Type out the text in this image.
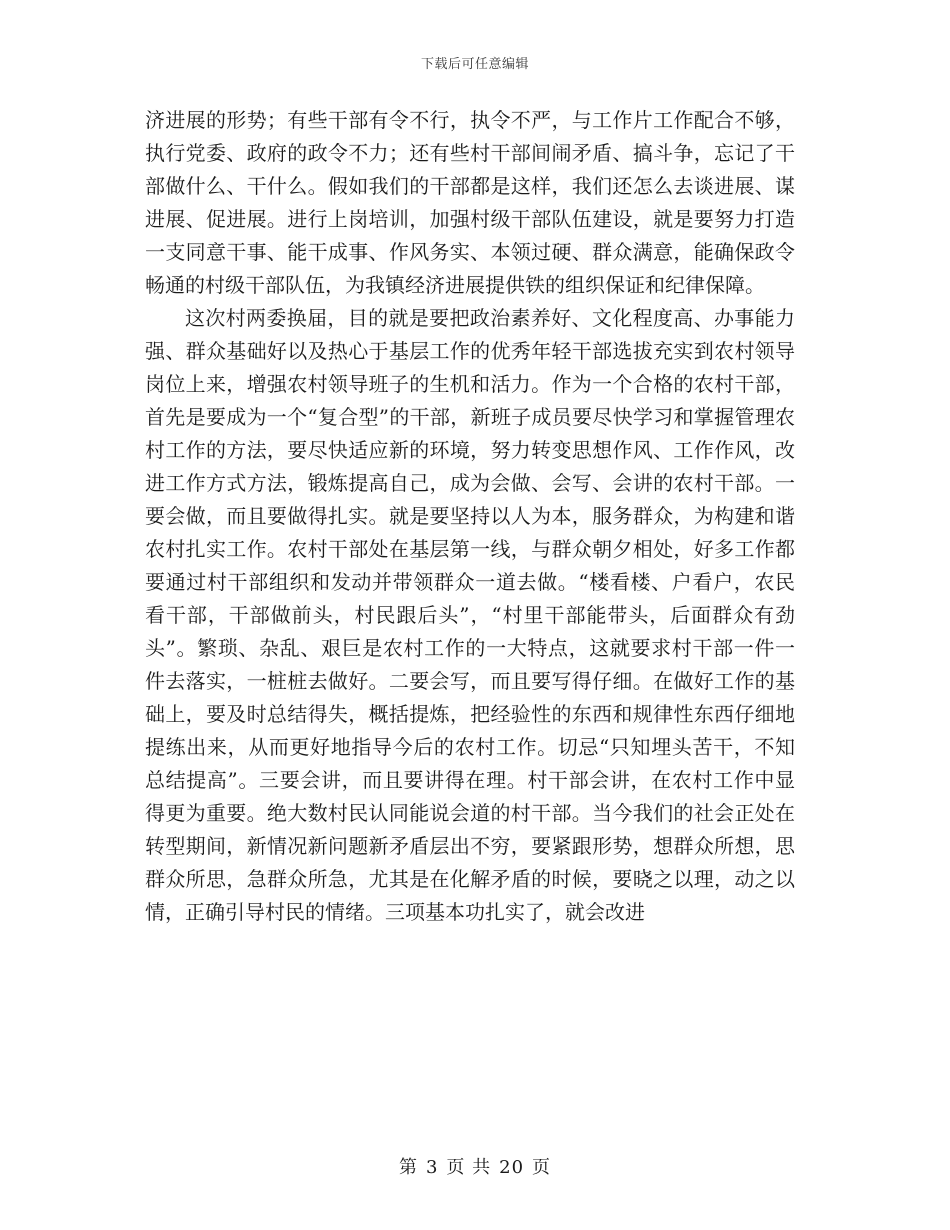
下载后可任意编辑

济进展的形势；有些干部有令不行，执令不严，与工作片工作配合不够，执行党委、政府的政令不力；还有些村干部间闹矛盾、搞斗争，忘记了干部做什么、干什么。假如我们的干部都是这样，我们还怎么去谈进展、谋进展、促进展。进行上岗培训，加强村级干部队伍建设，就是要努力打造一支同意干事、能干成事、作风务实、本领过硬、群众满意，能确保政令畅通的村级干部队伍，为我镇经济进展提供铁的组织保证和纪律保障。

这次村两委换届，目的就是要把政治素养好、文化程度高、办事能力强、群众基础好以及热心于基层工作的优秀年轻干部选拔充实到农村领导岗位上来，增强农村领导班子的生机和活力。作为一个合格的农村干部，首先是要成为一个“复合型”的干部，新班子成员要尽快学习和掌握管理农村工作的方法，要尽快适应新的环境，努力转变思想作风、工作作风，改进工作方式方法，锻炼提高自己，成为会做、会写、会讲的农村干部。一要会做，而且要做得扎实。就是要坚持以人为本，服务群众，为构建和谐农村扎实工作。农村干部处在基层第一线，与群众朝夕相处，好多工作都要通过村干部组织和发动并带领群众一道去做。“楼看楼、户看户，农民看干部，干部做前头，村民跟后头”，“村里干部能带头，后面群众有劲头”。繁琐、杂乱、艰巨是农村工作的一大特点，这就要求村干部一件一件去落实，一桩桩去做好。二要会写，而且要写得仔细。在做好工作的基础上，要及时总结得失，概括提炼，把经验性的东西和规律性东西仔细地提练出来，从而更好地指导今后的农村工作。切忌“只知埋头苦干，不知总结提高”。三要会讲，而且要讲得在理。村干部会讲，在农村工作中显得更为重要。绝大数村民认同能说会道的村干部。当今我们的社会正处在转型期间，新情况新问题新矛盾层出不穷，要紧跟形势，想群众所想，思群众所思，急群众所急，尤其是在化解矛盾的时候，要晓之以理，动之以情，正确引导村民的情绪。三项基本功扎实了，就会改进

第 3 页 共 20 页
